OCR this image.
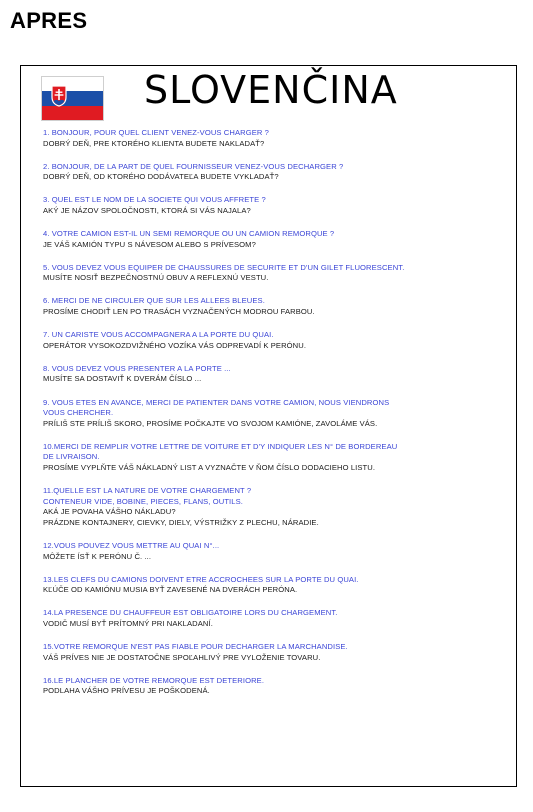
APRES
SLOVENČINA
1. BONJOUR, POUR QUEL CLIENT VENEZ-VOUS CHARGER ?
DOBRÝ DEŇ, PRE KTORÉHO KLIENTA BUDETE NAKLADAŤ?
2. BONJOUR, DE LA PART DE QUEL FOURNISSEUR VENEZ-VOUS DECHARGER ?
DOBRÝ DEŇ, OD KTORÉHO DODÁVATEĽA BUDETE VYKLADAŤ?
3. QUEL EST LE NOM DE LA SOCIETE QUI VOUS AFFRETE ?
AKÝ JE NÁZOV SPOLOČNOSTI, KTORÁ SI VÁS NAJALA?
4. VOTRE CAMION EST-IL UN SEMI REMORQUE OU UN CAMION REMORQUE ?
JE VÁŠ KAMIÓN TYPU S NÁVESOM ALEBO S PRÍVESOM?
5. VOUS DEVEZ VOUS EQUIPER DE CHAUSSURES DE SECURITE ET D'UN GILET FLUORESCENT.
MUSÍTE NOSIŤ BEZPEČNOSTNÚ OBUV A REFLEXNÚ VESTU.
6. MERCI DE NE CIRCULER QUE SUR LES ALLEES BLEUES.
PROSÍME CHODIŤ LEN PO TRASÁCH VYZNAČENÝCH MODROU FARBOU.
7. UN CARISTE VOUS ACCOMPAGNERA A LA PORTE DU QUAI.
OPERÁTOR VYSOKOZDVIŽNÉHO VOZÍKA VÁS ODPREVADÍ K PERÓNU.
8. VOUS DEVEZ VOUS PRESENTER A LA PORTE ...
MUSÍTE SA DOSTAVIŤ K DVERÁM ČÍSLO ...
9. VOUS ETES EN AVANCE, MERCI DE PATIENTER DANS VOTRE CAMION, NOUS VIENDRONS
VOUS CHERCHER.
PRÍLIŠ STE PRÍLIŠ SKORO, PROSÍME POČKAJTE VO SVOJOM KAMIÓNE, ZAVOLÁME VÁS.
10.MERCI DE REMPLIR VOTRE LETTRE DE VOITURE ET D'Y INDIQUER LES N° DE BORDEREAU
DE LIVRAISON.
PROSÍME VYPLŇTE VÁŠ NÁKLADNÝ LIST A VYZNAČTE V ŇOM ČÍSLO DODACIEHO LISTU.
11.QUELLE EST LA NATURE DE VOTRE CHARGEMENT ?
CONTENEUR VIDE, BOBINE, PIECES, FLANS, OUTILS.
AKÁ JE POVAHA VÁŠHO NÁKLADU?
PRÁZDNE KONTAJNERY, CIEVKY, DIELY, VÝSTRIŽKY Z PLECHU, NÁRADIE.
12.VOUS POUVEZ VOUS METTRE AU QUAI N°...
MÔŽETE ÍSŤ K PERÓNU Č. ...
13.LES CLEFS DU CAMIONS DOIVENT ETRE ACCROCHEES SUR LA PORTE DU QUAI.
KĽÚČE OD KAMIÓNU MUSIA BYŤ ZAVESENÉ NA DVERÁCH PERÓNA.
14.LA PRESENCE DU CHAUFFEUR EST OBLIGATOIRE LORS DU CHARGEMENT.
VODIČ MUSÍ BYŤ PRÍTOMNÝ PRI NAKLADANÍ.
15.VOTRE REMORQUE N'EST PAS FIABLE POUR DECHARGER LA MARCHANDISE.
VÁŠ PRÍVES NIE JE DOSTATOČNE SPOĽAHLIVÝ PRE VYLOŽENIE TOVARU.
16.LE PLANCHER DE VOTRE REMORQUE EST DETERIORE.
PODLAHA VÁŠHO PRÍVESU JE POŠKODENÁ.
